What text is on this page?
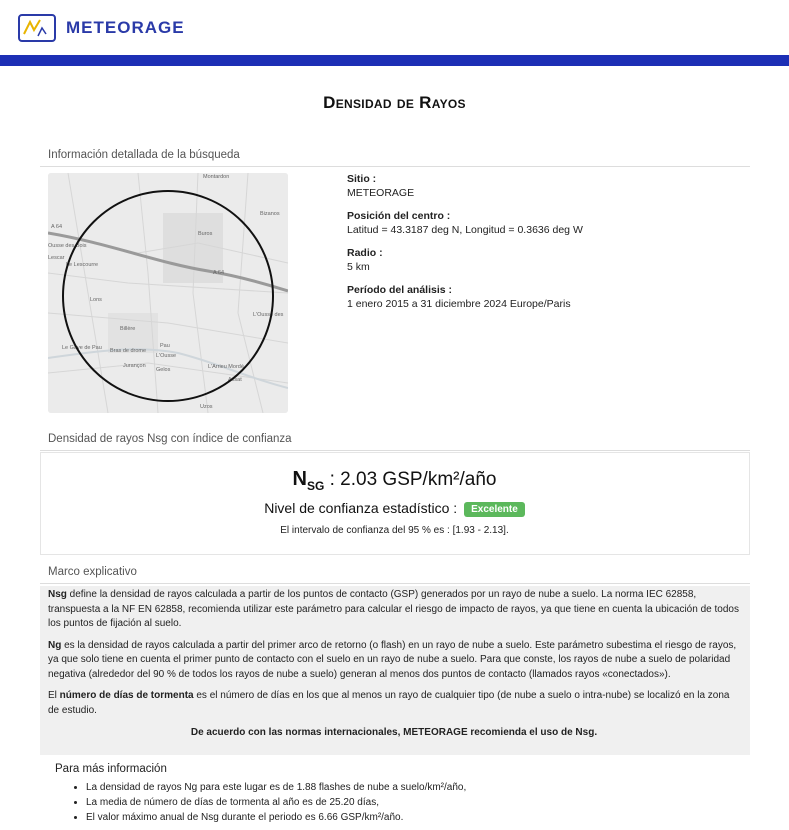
METEORAGE
Densidad de Rayos
Información detallada de la búsqueda
Montardon
Buros
Bizanos
A 64
A 64
Ousse des Bois
Lescar
Le Lescourre
Lons
Billère
Le Gave de Pau Bras de drome
Pau
L'Ousse
Jurançon
Gelos	L'Arrieu Mordé
L'Ousse des
Assat
Uzos

Sitio :

METEORAGE

Posición del centro :

Latitud = 43.3187 deg N, Longitud = 0.3636 deg W

Radio :

5 km

Período del análisis :

1 enero 2015 a 31 diciembre 2024 Europe/Paris

Densidad de rayos Nsg con índice de confianza
$N_{SG}$ : 2.03 GSP/km²/año
Nivel de confianza estadístico : Excelente
El intervalo de confianza del 95 % es : [1.93 - 2.13].
Marco explicativo

Nsg define la densidad de rayos calculada a partir de los puntos de contacto (GSP) generados por un rayo de nube a suelo. La norma IEC 62858, transpuesta a la NF EN 62858, recomienda utilizar este parámetro para calcular el riesgo de impacto de rayos, ya que tiene en cuenta la ubicación de todos los puntos de fijación al suelo.

Ng es la densidad de rayos calculada a partir del primer arco de retorno (o flash) en un rayo de nube a suelo. Este parámetro subestima el riesgo de rayos, ya que solo tiene en cuenta el primer punto de contacto con el suelo en un rayo de nube a suelo. Para que conste, los rayos de nube a suelo de polaridad negativa (alrededor del 90 % de todos los rayos de nube a suelo) generan al menos dos puntos de contacto (llamados rayos «conectados»).

El número de días de tormenta es el número de días en los que al menos un rayo de cualquier tipo (de nube a suelo o intra-nube) se localizó en la zona de estudio.

De acuerdo con las normas internacionales, METEORAGE recomienda el uso de Nsg.

Para más información
• La densidad de rayos Ng para este lugar es de 1.88 flashes de nube a suelo/km²/año,
• La media de número de días de tormenta al año es de 25.20 días,
• El valor máximo anual de Nsg durante el periodo es 6.66 GSP/km²/año.
